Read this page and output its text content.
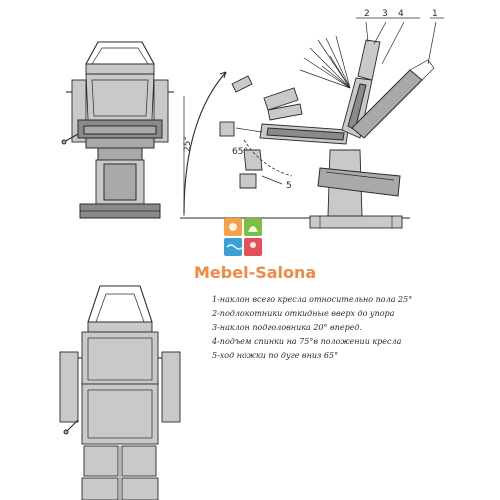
2 3 4	1
5
25°	65°
Mebel-Salona
1-наклон всего кресла относительно пола 25°
2-подлокотники откидные вверх до упора
3-наклон подголовника 20° вперед.
4-подъем спинки на 75°в положении кресла
5-ход ножки по дуге вниз 65°
